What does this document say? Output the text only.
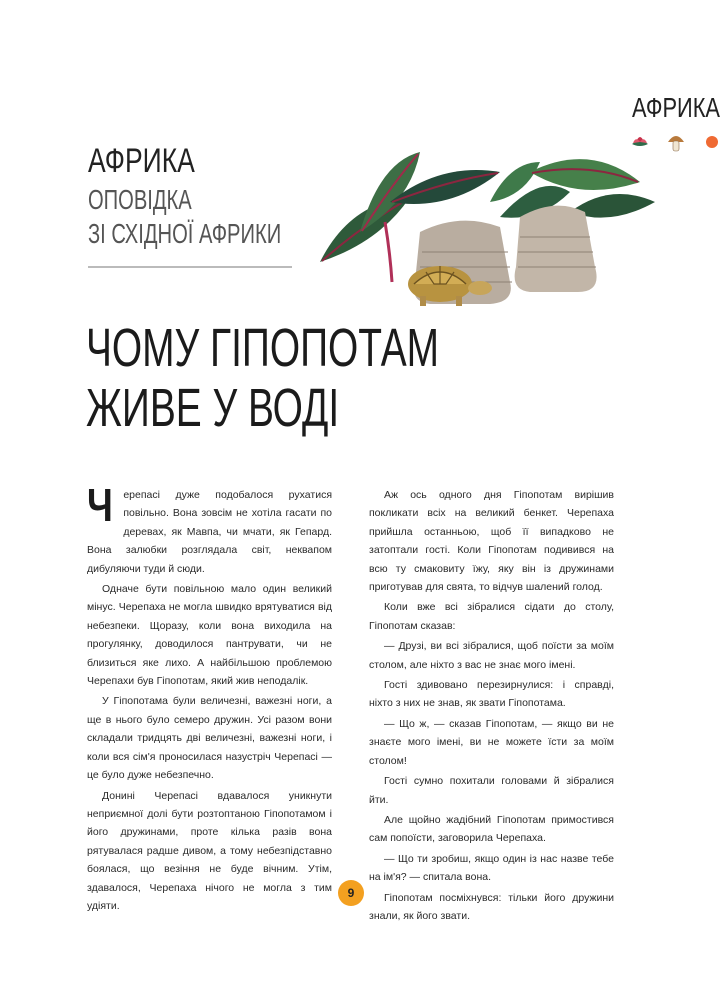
АФРИКА
АФРИКА
ОПОВІДКА
ЗІ СХІДНОЇ АФРИКИ
ЧОМУ ГІПОПОТАМ
ЖИВЕ У ВОДІ

Черепасі дуже подобалося рухатися повільно. Вона зовсім не хотіла гасати по деревах, як Мавпа, чи мчати, як Гепард. Вона залюбки розглядала світ, неквапом дибуляючи туди й сюди.

Одначе бути повільною мало один великий мінус. Черепаха не могла швидко врятуватися від небезпеки. Щоразу, коли вона виходила на прогулянку, доводилося пантрувати, чи не близиться яке лихо. А найбільшою проблемою Черепахи був Гіпопотам, який жив неподалік.

У Гіпопотама були величезні, важезні ноги, а ще в нього було семеро дружин. Усі разом вони складали тридцять дві величезні, важезні ноги, і коли вся сім'я проносилася назустріч Черепасі — це було дуже небезпечно.

Донині Черепасі вдавалося уникнути неприємної долі бути розтоптаною Гіпопотамом і його дружинами, проте кілька разів вона рятувалася радше дивом, а тому небезпідставно боялася, що везіння не буде вічним. Утім, здавалося, Черепаха нічого не могла з тим удіяти.

Аж ось одного дня Гіпопотам вирішив покликати всіх на великий бенкет. Черепаха прийшла останньою, щоб її випадково не затоптали гості. Коли Гіпопотам подивився на всю ту смаковиту їжу, яку він із дружинами приготував для свята, то відчув шалений голод.

Коли вже всі зібралися сідати до столу, Гіпопотам сказав:

— Друзі, ви всі зібралися, щоб поїсти за моїм столом, але ніхто з вас не знає мого імені.

Гості здивовано перезирнулися: і справді, ніхто з них не знав, як звати Гіпопотама.

— Що ж, — сказав Гіпопотам, — якщо ви не знаєте мого імені, ви не можете їсти за моїм столом!

Гості сумно похитали головами й зібралися йти.

Але щойно жадібний Гіпопотам примостився сам попоїсти, заговорила Черепаха.

— Що ти зробиш, якщо один із нас назве тебе на ім'я? — спитала вона.

Гіпопотам посміхнувся: тільки його дружини знали, як його звати.

9
